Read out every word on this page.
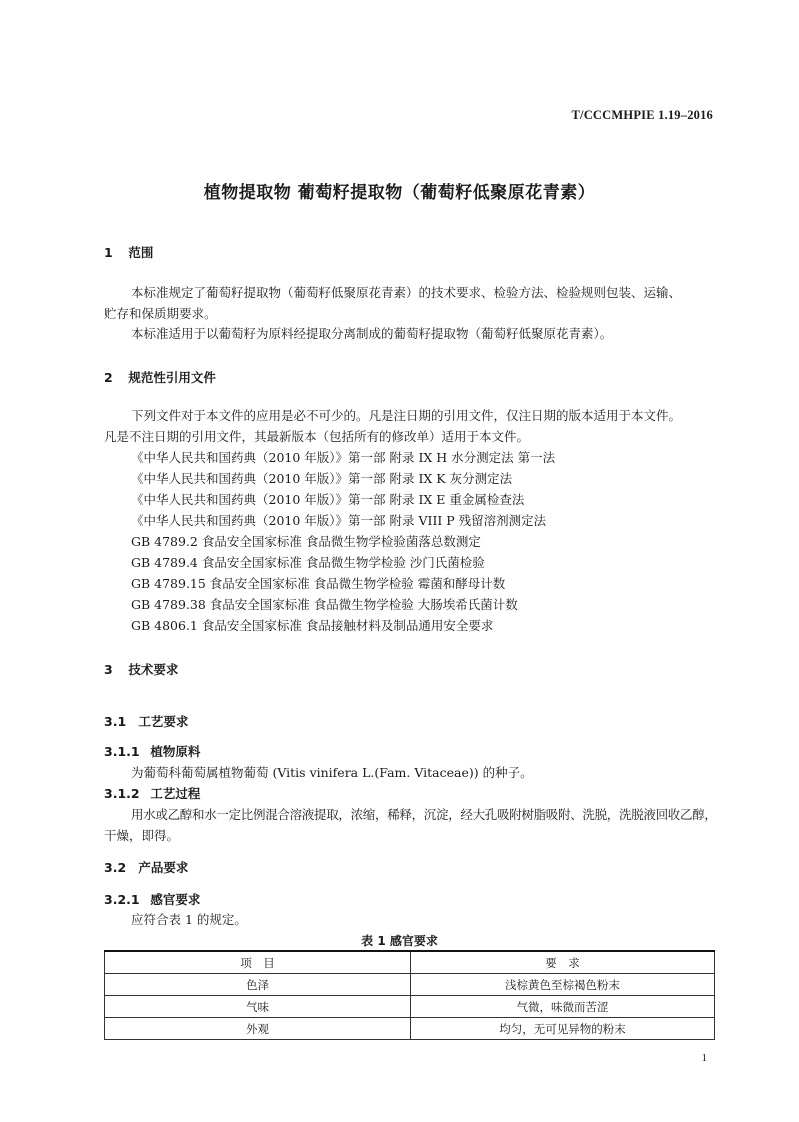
T/CCCMHPIE 1.19–2016
植物提取物 葡萄籽提取物（葡萄籽低聚原花青素）
1 范围
本标准规定了葡萄籽提取物（葡萄籽低聚原花青素）的技术要求、检验方法、检验规则包装、运输、
贮存和保质期要求。
本标准适用于以葡萄籽为原料经提取分离制成的葡萄籽提取物（葡萄籽低聚原花青素）。
2 规范性引用文件
下列文件对于本文件的应用是必不可少的。凡是注日期的引用文件，仅注日期的版本适用于本文件。
凡是不注日期的引用文件，其最新版本（包括所有的修改单）适用于本文件。
《中华人民共和国药典（2010 年版）》第一部 附录 IX H 水分测定法 第一法
《中华人民共和国药典（2010 年版）》第一部 附录 IX K 灰分测定法
《中华人民共和国药典（2010 年版）》第一部 附录 IX E 重金属检查法
《中华人民共和国药典（2010 年版）》第一部 附录 VIII P 残留溶剂测定法
GB 4789.2 食品安全国家标准 食品微生物学检验菌落总数测定
GB 4789.4 食品安全国家标准 食品微生物学检验 沙门氏菌检验
GB 4789.15 食品安全国家标准 食品微生物学检验 霉菌和酵母计数
GB 4789.38 食品安全国家标准 食品微生物学检验 大肠埃希氏菌计数
GB 4806.1 食品安全国家标准 食品接触材料及制品通用安全要求
3 技术要求
3.1 工艺要求
3.1.1 植物原料
为葡萄科葡萄属植物葡萄 (Vitis vinifera L.(Fam. Vitaceae)) 的种子。
3.1.2 工艺过程
用水或乙醇和水一定比例混合溶液提取，浓缩，稀释，沉淀，经大孔吸附树脂吸附、洗脱，洗脱液回收乙醇，
干燥，即得。
3.2 产品要求
3.2.1 感官要求
应符合表 1 的规定。
表 1 感官要求
项　目	要　求
色泽	浅棕黄色至棕褐色粉末
气味	气微，味微而苦涩
外观	均匀，无可见异物的粉末
1
